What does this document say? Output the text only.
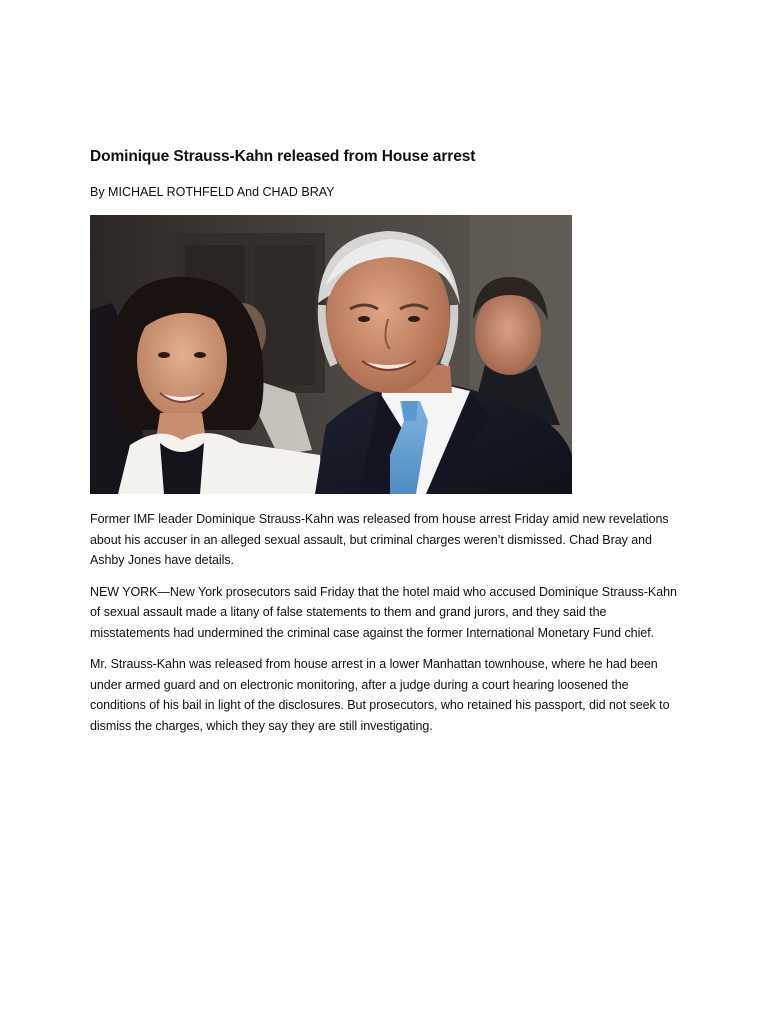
Dominique Strauss-Kahn released from House arrest

By MICHAEL ROTHFELD And CHAD BRAY

Former IMF leader Dominique Strauss-Kahn was released from house arrest Friday amid new revelations about his accuser in an alleged sexual assault, but criminal charges weren’t dismissed. Chad Bray and Ashby Jones have details.

NEW YORK—New York prosecutors said Friday that the hotel maid who accused Dominique Strauss-Kahn of sexual assault made a litany of false statements to them and grand jurors, and they said the misstatements had undermined the criminal case against the former International Monetary Fund chief.

Mr. Strauss-Kahn was released from house arrest in a lower Manhattan townhouse, where he had been under armed guard and on electronic monitoring, after a judge during a court hearing loosened the conditions of his bail in light of the disclosures. But prosecutors, who retained his passport, did not seek to dismiss the charges, which they say they are still investigating.
